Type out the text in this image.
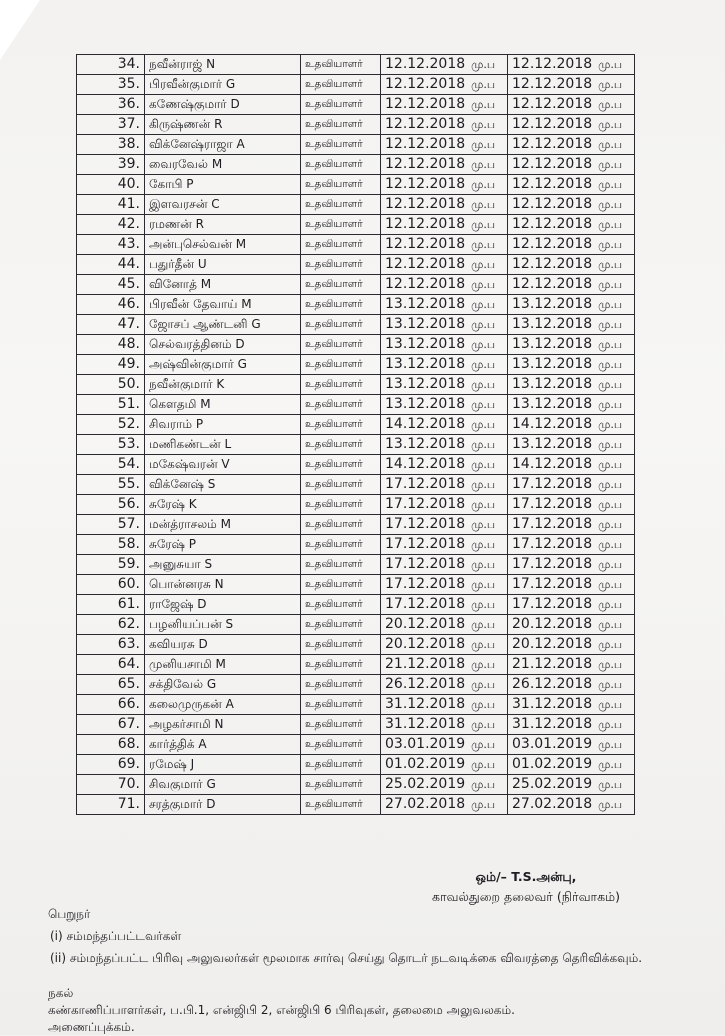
34.	நவீன்ராஜ் N	உதவியாளர்	12.12.2018 மு.ப	12.12.2018 மு.ப
35.	பிரவீன்குமார் G	உதவியாளர்	12.12.2018 மு.ப	12.12.2018 மு.ப
36.	கணேஷ்குமார் D	உதவியாளர்	12.12.2018 மு.ப	12.12.2018 மு.ப
37.	கிருஷ்ணன் R	உதவியாளர்	12.12.2018 மு.ப	12.12.2018 மு.ப
38.	விக்னேஷ்ராஜா A	உதவியாளர்	12.12.2018 மு.ப	12.12.2018 மு.ப
39.	வைரவேல் M	உதவியாளர்	12.12.2018 மு.ப	12.12.2018 மு.ப
40.	கோபி P	உதவியாளர்	12.12.2018 மு.ப	12.12.2018 மு.ப
41.	இளவரசன் C	உதவியாளர்	12.12.2018 மு.ப	12.12.2018 மு.ப
42.	ரமணன் R	உதவியாளர்	12.12.2018 மு.ப	12.12.2018 மு.ப
43.	அன்புசெல்வன் M	உதவியாளர்	12.12.2018 மு.ப	12.12.2018 மு.ப
44.	பதுர்தீன் U	உதவியாளர்	12.12.2018 மு.ப	12.12.2018 மு.ப
45.	வினோத் M	உதவியாளர்	12.12.2018 மு.ப	12.12.2018 மு.ப
46.	பிரவீன் தேவாய் M	உதவியாளர்	13.12.2018 மு.ப	13.12.2018 மு.ப
47.	ஜோசப் ஆண்டனி G	உதவியாளர்	13.12.2018 மு.ப	13.12.2018 மு.ப
48.	செல்வரத்தினம் D	உதவியாளர்	13.12.2018 மு.ப	13.12.2018 மு.ப
49.	அஷ்வின்குமார் G	உதவியாளர்	13.12.2018 மு.ப	13.12.2018 மு.ப
50.	நவீன்குமார் K	உதவியாளர்	13.12.2018 மு.ப	13.12.2018 மு.ப
51.	கௌதமி M	உதவியாளர்	13.12.2018 மு.ப	13.12.2018 மு.ப
52.	சிவராம் P	உதவியாளர்	14.12.2018 மு.ப	14.12.2018 மு.ப
53.	மணிகண்டன் L	உதவியாளர்	13.12.2018 மு.ப	13.12.2018 மு.ப
54.	மகேஷ்வரன் V	உதவியாளர்	14.12.2018 மு.ப	14.12.2018 மு.ப
55.	விக்னேஷ் S	உதவியாளர்	17.12.2018 மு.ப	17.12.2018 மு.ப
56.	சுரேஷ் K	உதவியாளர்	17.12.2018 மு.ப	17.12.2018 மு.ப
57.	மன்த்ராசலம் M	உதவியாளர்	17.12.2018 மு.ப	17.12.2018 மு.ப
58.	சுரேஷ் P	உதவியாளர்	17.12.2018 மு.ப	17.12.2018 மு.ப
59.	அனுசுயா S	உதவியாளர்	17.12.2018 மு.ப	17.12.2018 மு.ப
60.	பொன்னரசு N	உதவியாளர்	17.12.2018 மு.ப	17.12.2018 மு.ப
61.	ராஜேஷ் D	உதவியாளர்	17.12.2018 மு.ப	17.12.2018 மு.ப
62.	பழனியப்பன் S	உதவியாளர்	20.12.2018 மு.ப	20.12.2018 மு.ப
63.	கவியரசு D	உதவியாளர்	20.12.2018 மு.ப	20.12.2018 மு.ப
64.	முனியசாமி M	உதவியாளர்	21.12.2018 மு.ப	21.12.2018 மு.ப
65.	சக்திவேல் G	உதவியாளர்	26.12.2018 மு.ப	26.12.2018 மு.ப
66.	கலைமுருகன் A	உதவியாளர்	31.12.2018 மு.ப	31.12.2018 மு.ப
67.	அழகர்சாமி N	உதவியாளர்	31.12.2018 மு.ப	31.12.2018 மு.ப
68.	கார்த்திக் A	உதவியாளர்	03.01.2019 மு.ப	03.01.2019 மு.ப
69.	ரமேஷ் J	உதவியாளர்	01.02.2019 மு.ப	01.02.2019 மு.ப
70.	சிவகுமார் G	உதவியாளர்	25.02.2019 மு.ப	25.02.2019 மு.ப
71.	சரத்குமார் D	உதவியாளர்	27.02.2018 மு.ப	27.02.2018 மு.ப
ஒம்/– T.S.அன்பு,
காவல்துறை தலைவர் (நிர்வாகம்)
பெறுநர்
(i) சம்மந்தப்பட்டவர்கள்
(ii) சம்மந்தப்பட்ட பிரிவு அலுவலர்கள் மூலமாக சார்வு செய்து தொடர் நடவடிக்கை விவரத்தை தெரிவிக்கவும்.
நகல்
கண்காணிப்பாளர்கள், ப.பி.1, என்ஜிபி 2, என்ஜிபி 6 பிரிவுகள், தலைமை அலுவலகம்.
அணைப்புக்கம்.
